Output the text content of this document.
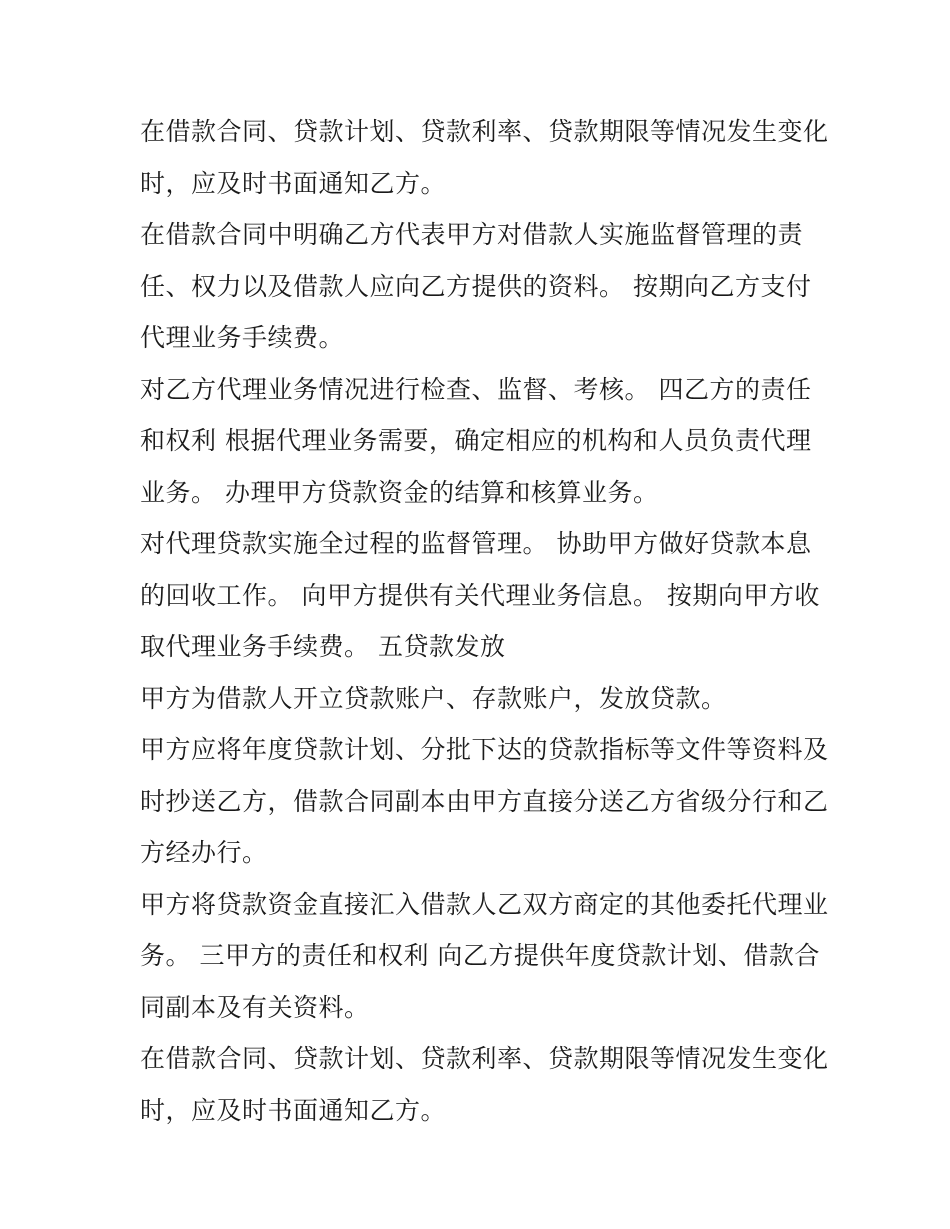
在借款合同、贷款计划、贷款利率、贷款期限等情况发生变化
时，应及时书面通知乙方。

在借款合同中明确乙方代表甲方对借款人实施监督管理的责
任、权力以及借款人应向乙方提供的资料。 按期向乙方支付
代理业务手续费。

对乙方代理业务情况进行检查、监督、考核。 四乙方的责任
和权利 根据代理业务需要，确定相应的机构和人员负责代理
业务。 办理甲方贷款资金的结算和核算业务。

对代理贷款实施全过程的监督管理。 协助甲方做好贷款本息
的回收工作。 向甲方提供有关代理业务信息。 按期向甲方收
取代理业务手续费。 五贷款发放

甲方为借款人开立贷款账户、存款账户，发放贷款。

甲方应将年度贷款计划、分批下达的贷款指标等文件等资料及
时抄送乙方，借款合同副本由甲方直接分送乙方省级分行和乙
方经办行。

甲方将贷款资金直接汇入借款人乙双方商定的其他委托代理业
务。 三甲方的责任和权利 向乙方提供年度贷款计划、借款合
同副本及有关资料。

在借款合同、贷款计划、贷款利率、贷款期限等情况发生变化
时，应及时书面通知乙方。
